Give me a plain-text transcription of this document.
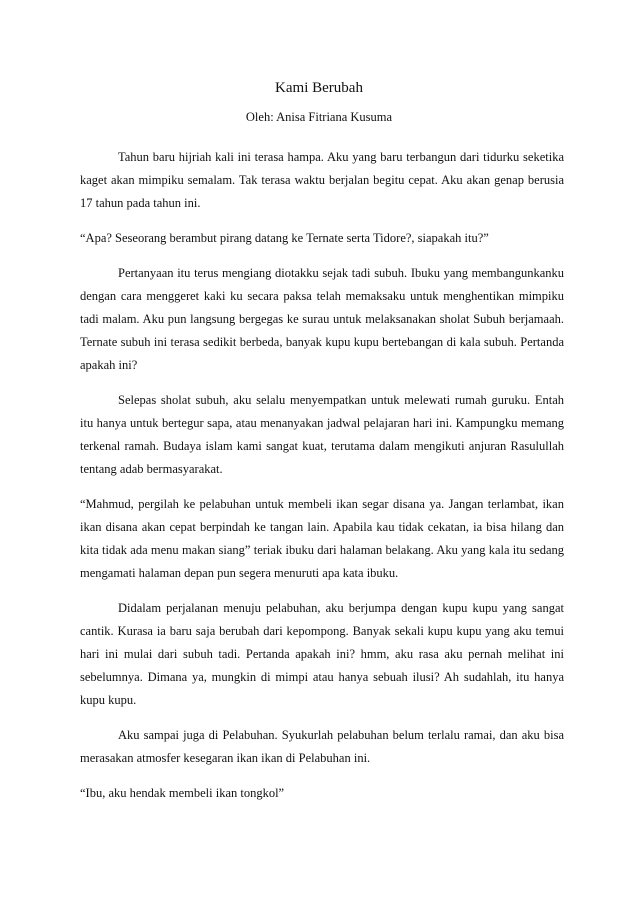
Kami Berubah
Oleh: Anisa Fitriana Kusuma

Tahun baru hijriah kali ini terasa hampa. Aku yang baru terbangun dari tidurku seketika kaget akan mimpiku semalam. Tak terasa waktu berjalan begitu cepat. Aku akan genap berusia 17 tahun pada tahun ini.

“Apa? Seseorang berambut pirang datang ke Ternate serta Tidore?, siapakah itu?”

Pertanyaan itu terus mengiang diotakku sejak tadi subuh. Ibuku yang membangunkanku dengan cara menggeret kaki ku secara paksa telah memaksaku untuk menghentikan mimpiku tadi malam. Aku pun langsung bergegas ke surau untuk melaksanakan sholat Subuh berjamaah. Ternate subuh ini terasa sedikit berbeda, banyak kupu kupu bertebangan di kala subuh. Pertanda apakah ini?

Selepas sholat subuh, aku selalu menyempatkan untuk melewati rumah guruku. Entah itu hanya untuk bertegur sapa, atau menanyakan jadwal pelajaran hari ini. Kampungku memang terkenal ramah. Budaya islam kami sangat kuat, terutama dalam mengikuti anjuran Rasulullah tentang adab bermasyarakat.

“Mahmud, pergilah ke pelabuhan untuk membeli ikan segar disana ya. Jangan terlambat, ikan ikan disana akan cepat berpindah ke tangan lain. Apabila kau tidak cekatan, ia bisa hilang dan kita tidak ada menu makan siang” teriak ibuku dari halaman belakang. Aku yang kala itu sedang mengamati halaman depan pun segera menuruti apa kata ibuku.

Didalam perjalanan menuju pelabuhan, aku berjumpa dengan kupu kupu yang sangat cantik. Kurasa ia baru saja berubah dari kepompong. Banyak sekali kupu kupu yang aku temui hari ini mulai dari subuh tadi. Pertanda apakah ini? hmm, aku rasa aku pernah melihat ini sebelumnya. Dimana ya, mungkin di mimpi atau hanya sebuah ilusi? Ah sudahlah, itu hanya kupu kupu.

Aku sampai juga di Pelabuhan. Syukurlah pelabuhan belum terlalu ramai, dan aku bisa merasakan atmosfer kesegaran ikan ikan di Pelabuhan ini.

“Ibu, aku hendak membeli ikan tongkol”
